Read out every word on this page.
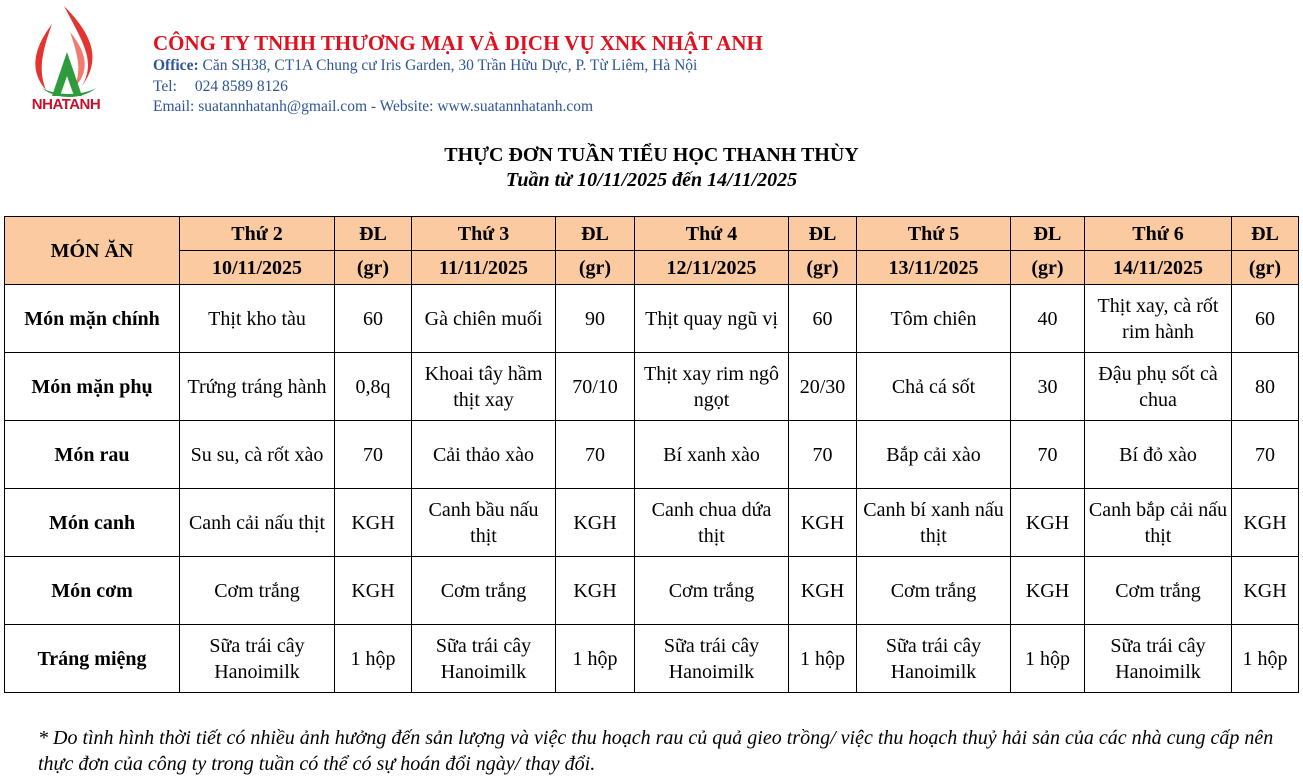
NHATANH
CÔNG TY TNHH THƯƠNG MẠI VÀ DỊCH VỤ XNK NHẬT ANH
Office: Căn SH38, CT1A Chung cư Iris Garden, 30 Trần Hữu Dực, P. Từ Liêm, Hà Nội
Tel: 024 8589 8126
Email: suatannhatanh@gmail.com - Website: www.suatannhatanh.com
THỰC ĐƠN TUẦN TIỂU HỌC THANH THÙY
Tuần từ 10/11/2025 đến 14/11/2025
MÓN ĂN	Thứ 2	ĐL	Thứ 3	ĐL	Thứ 4	ĐL	Thứ 5	ĐL	Thứ 6	ĐL
	10/11/2025	(gr)	11/11/2025	(gr)	12/11/2025	(gr)	13/11/2025	(gr)	14/11/2025	(gr)
Món mặn chính	Thịt kho tàu	60	Gà chiên muối	90	Thịt quay ngũ vị	60	Tôm chiên	40	Thịt xay, cà rốt rim hành	60
Món mặn phụ	Trứng tráng hành	0,8q	Khoai tây hầm thịt xay	70/10	Thịt xay rim ngô ngọt	20/30	Chả cá sốt	30	Đậu phụ sốt cà chua	80
Món rau	Su su, cà rốt xào	70	Cải thảo xào	70	Bí xanh xào	70	Bắp cải xào	70	Bí đỏ xào	70
Món canh	Canh cải nấu thịt	KGH	Canh bầu nấu thịt	KGH	Canh chua dứa thịt	KGH	Canh bí xanh nấu thịt	KGH	Canh bắp cải nấu thịt	KGH
Món cơm	Cơm trắng	KGH	Cơm trắng	KGH	Cơm trắng	KGH	Cơm trắng	KGH	Cơm trắng	KGH
Tráng miệng	Sữa trái cây Hanoimilk	1 hộp	Sữa trái cây Hanoimilk	1 hộp	Sữa trái cây Hanoimilk	1 hộp	Sữa trái cây Hanoimilk	1 hộp	Sữa trái cây Hanoimilk	1 hộp
* Do tình hình thời tiết có nhiều ảnh hưởng đến sản lượng và việc thu hoạch rau củ quả gieo trồng/ việc thu hoạch thuỷ hải sản của các nhà cung cấp nên thực đơn của công ty trong tuần có thể có sự hoán đổi ngày/ thay đổi.
